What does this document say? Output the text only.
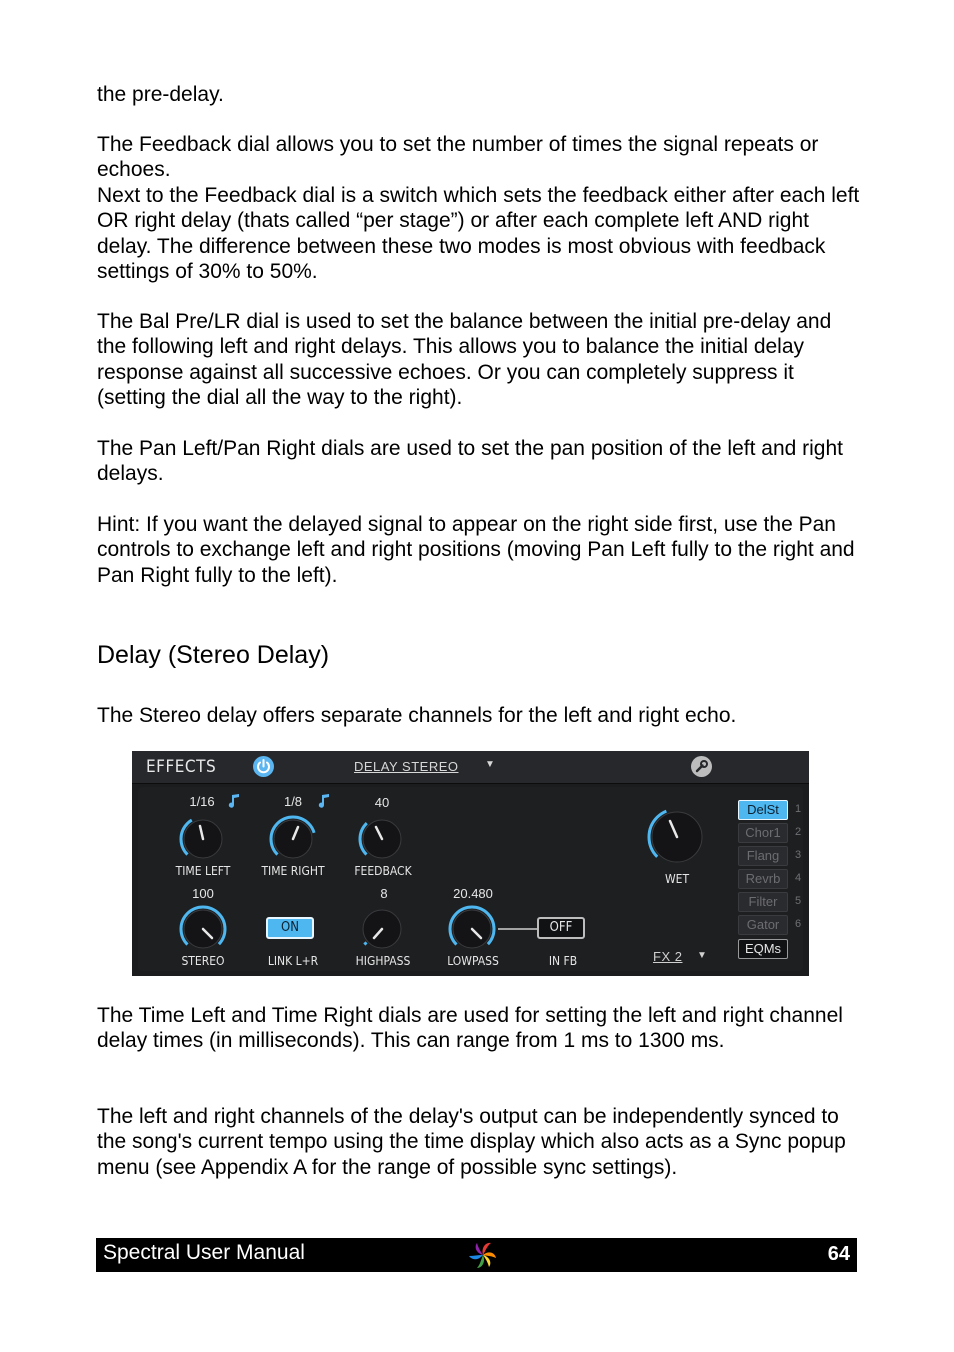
the pre-delay.

The Feedback dial allows you to set the number of times the signal repeats or echoes.

Next to the Feedback dial is a switch which sets the feedback either after each left OR right delay (thats called “per stage”) or after each complete left AND right delay. The difference between these two modes is most obvious with feedback settings of 30% to 50%.

The Bal Pre/LR dial is used to set the balance between the initial pre-delay and the following left and right delays. This allows you to balance the initial delay response against all successive echoes. Or you can completely suppress it (setting the dial all the way to the right).

The Pan Left/Pan Right dials are used to set the pan position of the left and right delays.

Hint: If you want the delayed signal to appear on the right side first, use the Pan controls to exchange left and right positions (moving Pan Left fully to the right and Pan Right fully to the left).

Delay (Stereo Delay)

The Stereo delay offers separate channels for the left and right echo.

EFFECTS	DELAY STEREO	▼
1/16	1/8	40
TIME LEFT	TIME RIGHT FEEDBACK
WET
100	8	20.480
ON	OFF
STEREO	LINK L+R	HIGHPASS	LOWPASS	IN FB	FX 2 ▼
DelSt	1
Chor1	2
Flang	3
Revrb	4
Filter	5
Gator	6
EQMs

The Time Left and Time Right dials are used for setting the left and right channel delay times (in milliseconds). This can range from 1 ms to 1300 ms.

The left and right channels of the delay's output can be independently synced to the song's current tempo using the time display which also acts as a Sync popup menu (see Appendix A for the range of possible sync settings).

Spectral User Manual	64
